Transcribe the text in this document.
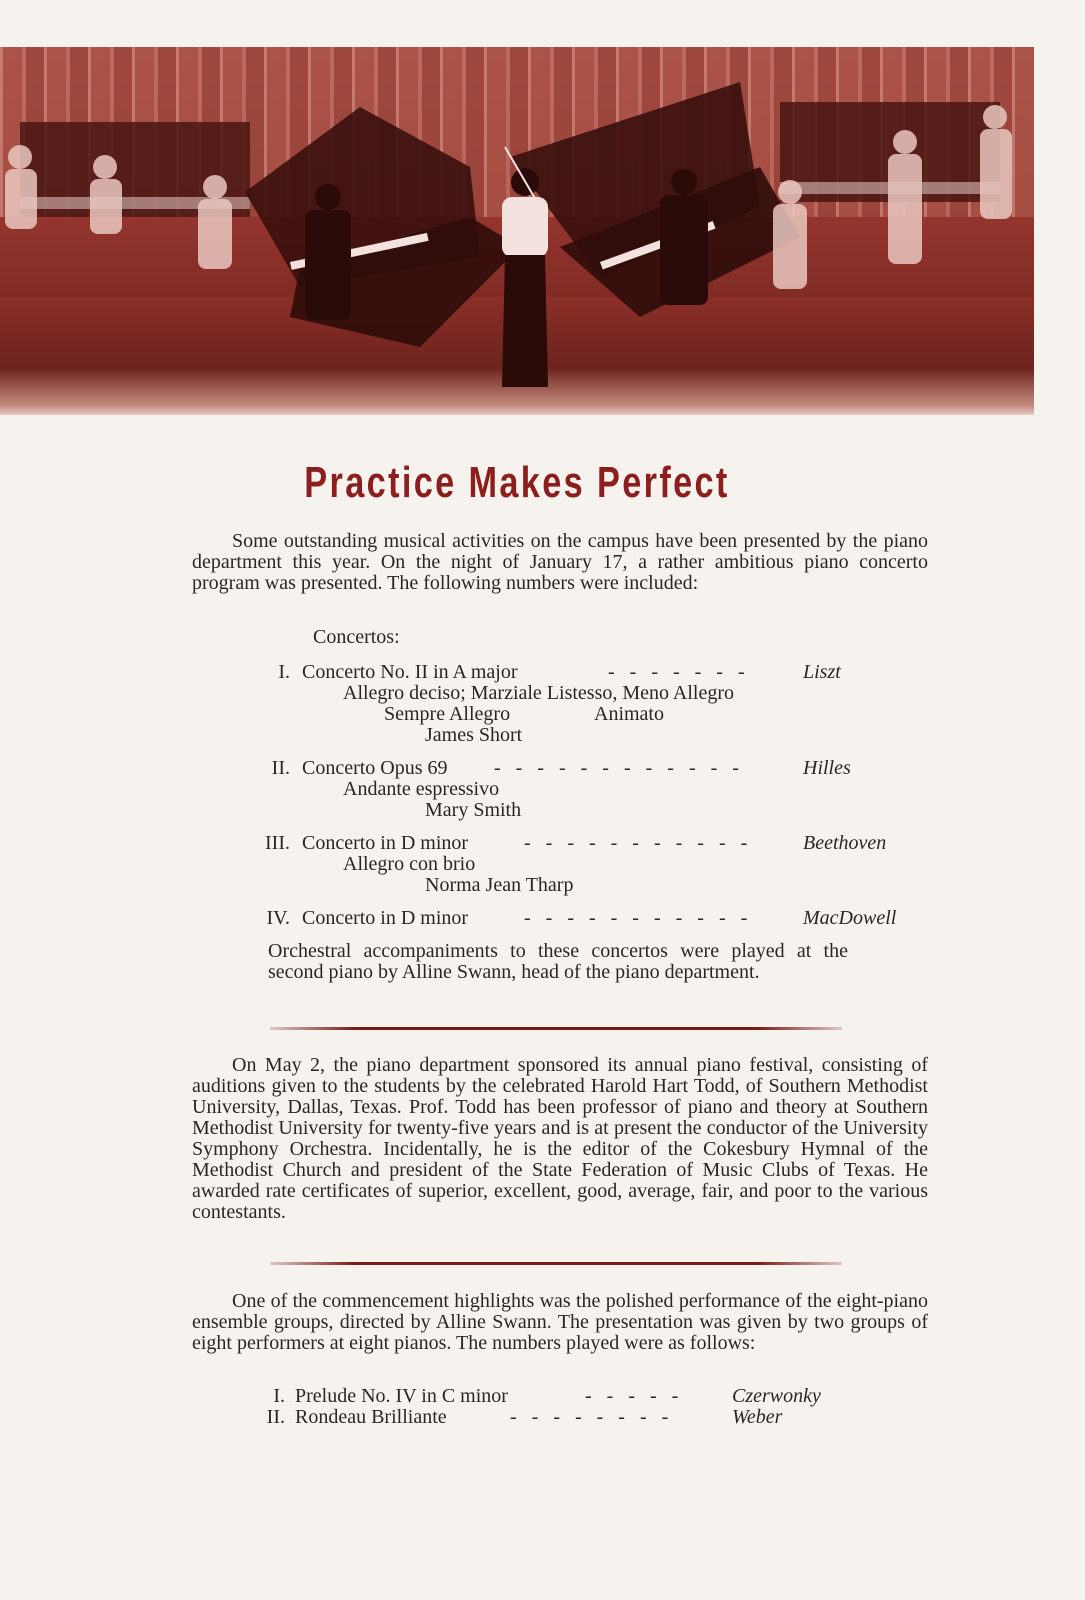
Practice Makes Perfect

Some outstanding musical activities on the campus have been presented by the piano department this year. On the night of January 17, a rather ambitious piano concerto program was presented. The following numbers were included:

Concertos:
I. Concerto No. II in A major	- - - - - - -	Liszt
Allegro deciso; Marziale Listesso, Meno Allegro
Sempre Allegro	Animato
James Short
II. Concerto Opus 69 - - - - - - - - - - - -	Hilles
Andante espressivo
Mary Smith
III. Concerto in D minor	- - - - - - - - - - -	Beethoven
Allegro con brio
Norma Jean Tharp
IV. Concerto in D minor	- - - - - - - - - - -	MacDowell

Orchestral accompaniments to these concertos were played at the second piano by Alline Swann, head of the piano department.

On May 2, the piano department sponsored its annual piano festival, consisting of auditions given to the students by the celebrated Harold Hart Todd, of Southern Methodist University, Dallas, Texas. Prof. Todd has been professor of piano and theory at Southern Methodist University for twenty-five years and is at present the conductor of the University Symphony Orchestra. Incidentally, he is the editor of the Cokesbury Hymnal of the Methodist Church and president of the State Federation of Music Clubs of Texas. He awarded rate certificates of superior, excellent, good, average, fair, and poor to the various contestants.

One of the commencement highlights was the polished performance of the eight-piano ensemble groups, directed by Alline Swann. The presentation was given by two groups of eight performers at eight pianos. The numbers played were as follows:

I. Prelude No. IV in C minor	- - - - - Czerwonky
II. Rondeau Brilliante	- - - - - - - -	Weber
